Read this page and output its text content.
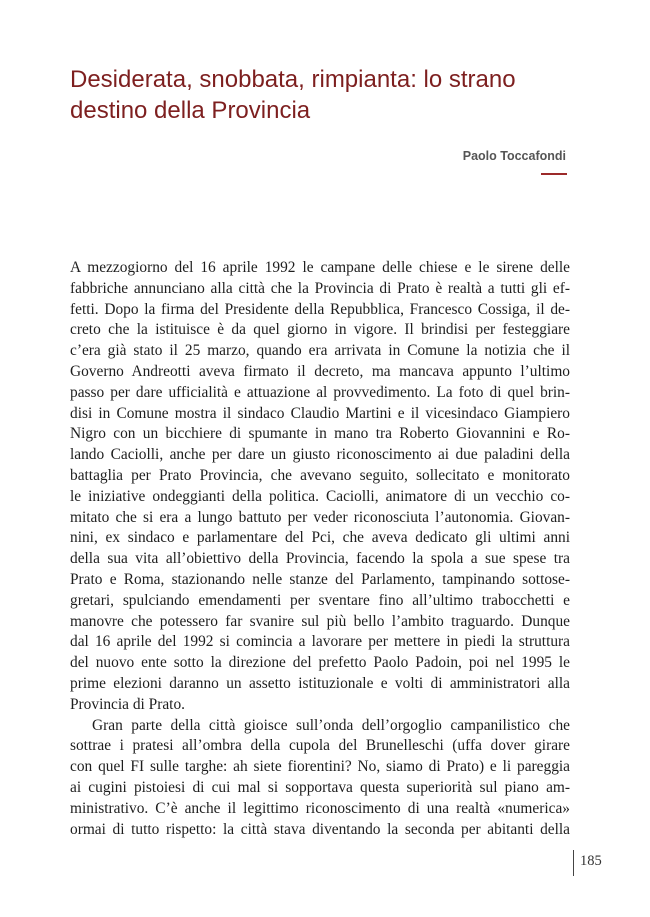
Desiderata, snobbata, rimpianta: lo strano
destino della Provincia
Paolo Toccafondi
A mezzogiorno del 16 aprile 1992 le campane delle chiese e le sirene delle
fabbriche annunciano alla città che la Provincia di Prato è realtà a tutti gli ef-
fetti. Dopo la firma del Presidente della Repubblica, Francesco Cossiga, il de-
creto che la istituisce è da quel giorno in vigore. Il brindisi per festeggiare
c’era già stato il 25 marzo, quando era arrivata in Comune la notizia che il
Governo Andreotti aveva firmato il decreto, ma mancava appunto l’ultimo
passo per dare ufficialità e attuazione al provvedimento. La foto di quel brin-
disi in Comune mostra il sindaco Claudio Martini e il vicesindaco Giampiero
Nigro con un bicchiere di spumante in mano tra Roberto Giovannini e Ro-
lando Caciolli, anche per dare un giusto riconoscimento ai due paladini della
battaglia per Prato Provincia, che avevano seguito, sollecitato e monitorato
le iniziative ondeggianti della politica. Caciolli, animatore di un vecchio co-
mitato che si era a lungo battuto per veder riconosciuta l’autonomia. Giovan-
nini, ex sindaco e parlamentare del Pci, che aveva dedicato gli ultimi anni
della sua vita all’obiettivo della Provincia, facendo la spola a sue spese tra
Prato e Roma, stazionando nelle stanze del Parlamento, tampinando sottose-
gretari, spulciando emendamenti per sventare fino all’ultimo trabocchetti e
manovre che potessero far svanire sul più bello l’ambito traguardo. Dunque
dal 16 aprile del 1992 si comincia a lavorare per mettere in piedi la struttura
del nuovo ente sotto la direzione del prefetto Paolo Padoin, poi nel 1995 le
prime elezioni daranno un assetto istituzionale e volti di amministratori alla
Provincia di Prato.
Gran parte della città gioisce sull’onda dell’orgoglio campanilistico che
sottrae i pratesi all’ombra della cupola del Brunelleschi (uffa dover girare
con quel FI sulle targhe: ah siete fiorentini? No, siamo di Prato) e li pareggia
ai cugini pistoiesi di cui mal si sopportava questa superiorità sul piano am-
ministrativo. C’è anche il legittimo riconoscimento di una realtà «numerica»
ormai di tutto rispetto: la città stava diventando la seconda per abitanti della
185
